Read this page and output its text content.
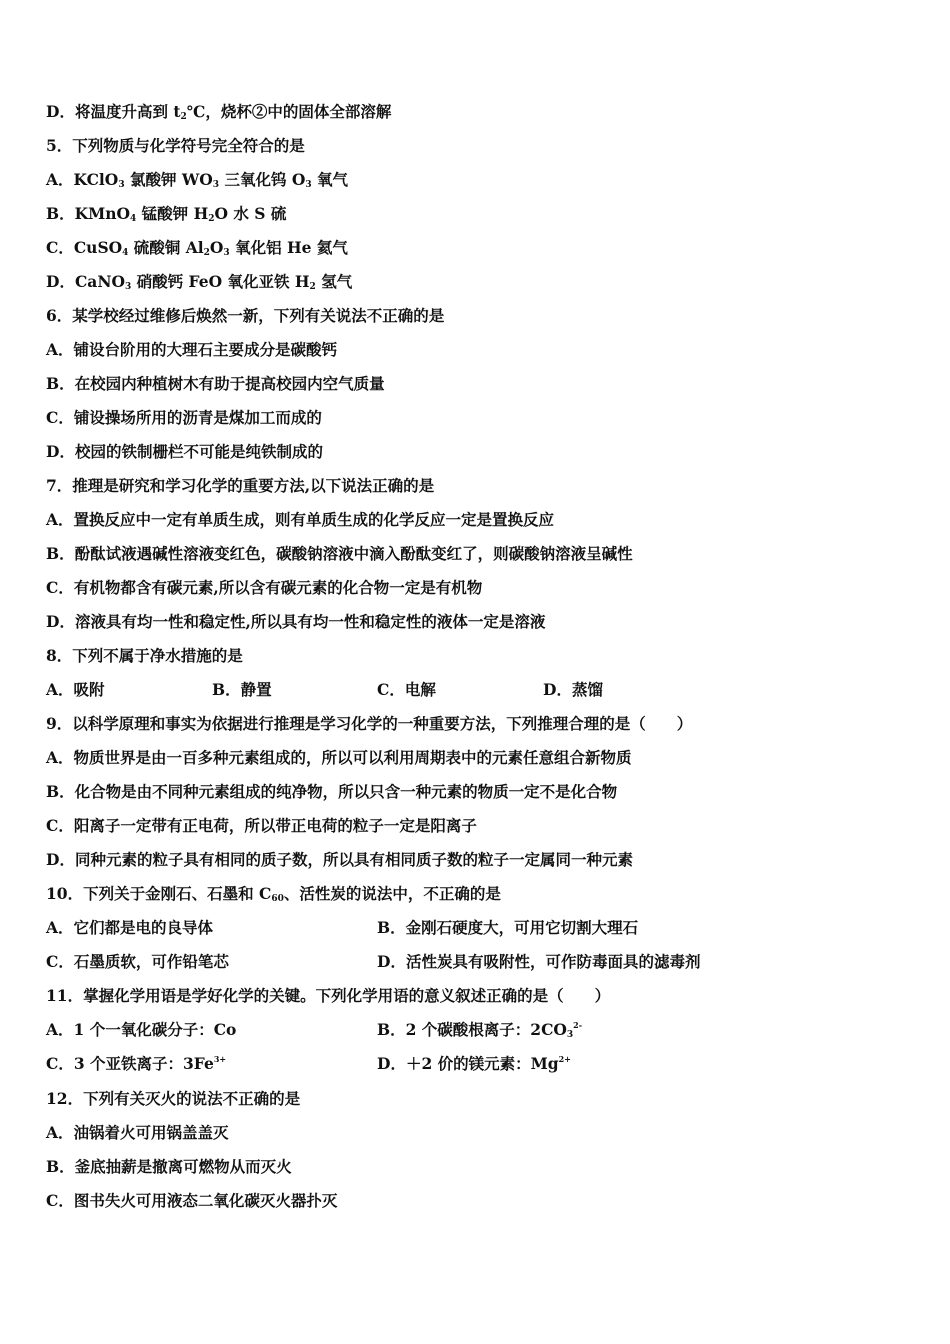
D．将温度升高到 $t_2℃$，烧杯②中的固体全部溶解
5．下列物质与化学符号完全符合的是
A．KClO$_3$ 氯酸钾 $WO_3$ 三氧化钨 $O_3$ 氧气
B．KMnO$_4$ 锰酸钾 $H_2O$ 水 S 硫
C．CuSO$_4$ 硫酸铜 $Al_2O_3$ 氧化铝 He 氦气
D．CaNO$_3$ 硝酸钙 FeO 氧化亚铁 $H_2$ 氢气
6．某学校经过维修后焕然一新，下列有关说法不正确的是
A．铺设台阶用的大理石主要成分是碳酸钙
B．在校园内种植树木有助于提高校园内空气质量
C．铺设操场所用的沥青是煤加工而成的
D．校园的铁制栅栏不可能是纯铁制成的
7．推理是研究和学习化学的重要方法,以下说法正确的是
A．置换反应中一定有单质生成，则有单质生成的化学反应一定是置换反应
B．酚酞试液遇碱性溶液变红色，碳酸钠溶液中滴入酚酞变红了，则碳酸钠溶液呈碱性
C．有机物都含有碳元素,所以含有碳元素的化合物一定是有机物
D．溶液具有均一性和稳定性,所以具有均一性和稳定性的液体一定是溶液
8．下列不属于净水措施的是
A．吸附	B．静置	C．电解	D．蒸馏
9．以科学原理和事实为依据进行推理是学习化学的一种重要方法，下列推理合理的是（　　）
A．物质世界是由一百多种元素组成的，所以可以利用周期表中的元素任意组合新物质
B．化合物是由不同种元素组成的纯净物，所以只含一种元素的物质一定不是化合物
C．阳离子一定带有正电荷，所以带正电荷的粒子一定是阳离子
D．同种元素的粒子具有相同的质子数，所以具有相同质子数的粒子一定属同一种元素
10．下列关于金刚石、石墨和 $C_{60}$、活性炭的说法中，不正确的是
A．它们都是电的良导体	B．金刚石硬度大，可用它切割大理石
C．石墨质软，可作铅笔芯	D．活性炭具有吸附性，可作防毒面具的滤毒剂
11．掌握化学用语是学好化学的关键。下列化学用语的意义叙述正确的是（　　）
A．1 个一氧化碳分子：Co	B．2 个碳酸根离子：$2CO_3^{2-}$
C．3 个亚铁离子：$3Fe^{3+}$	D．＋2 价的镁元素：$Mg^{2+}$
12．下列有关灭火的说法不正确的是
A．油锅着火可用锅盖盖灭
B．釜底抽薪是撤离可燃物从而灭火
C．图书失火可用液态二氧化碳灭火器扑灭
